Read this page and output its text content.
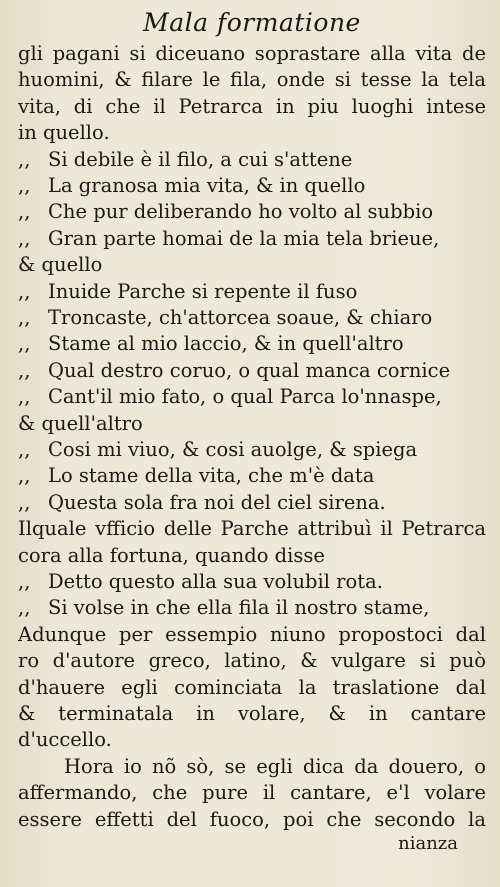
Mala formatione
gli pagani si diceuano soprastare alla vita de
huomini, & filare le fila, onde si tesse la tela
vita, di che il Petrarca in piu luoghi intese
in quello.
,, Si debile è il filo, a cui s'attene
,, La granosa mia vita, & in quello
,, Che pur deliberando ho volto al subbio
,, Gran parte homai de la mia tela brieue,
& quello
,, Inuide Parche si repente il fuso
,, Troncaste, ch'attorcea soaue, & chiaro
,, Stame al mio laccio, & in quell'altro
,, Qual destro coruo, o qual manca cornice
,, Cant'il mio fato, o qual Parca lo'nnaspe,
& quell'altro
,, Cosi mi viuo, & cosi auolge, & spiega
,, Lo stame della vita, che m'è data
,, Questa sola fra noi del ciel sirena.
Ilquale vfficio delle Parche attribuì il Petrarca
cora alla fortuna, quando disse
,, Detto questo alla sua volubil rota.
,, Si volse in che ella fila il nostro stame,
Adunque per essempio niuno propostoci dal
ro d'autore greco, latino, & vulgare si può
d'hauere egli cominciata la traslatione dal
& terminatala in volare, & in cantare
d'uccello.
Hora io nõ sò, se egli dica da douero, o
affermando, che pure il cantare, e'l volare
essere effetti del fuoco, poi che secondo la
nianza
